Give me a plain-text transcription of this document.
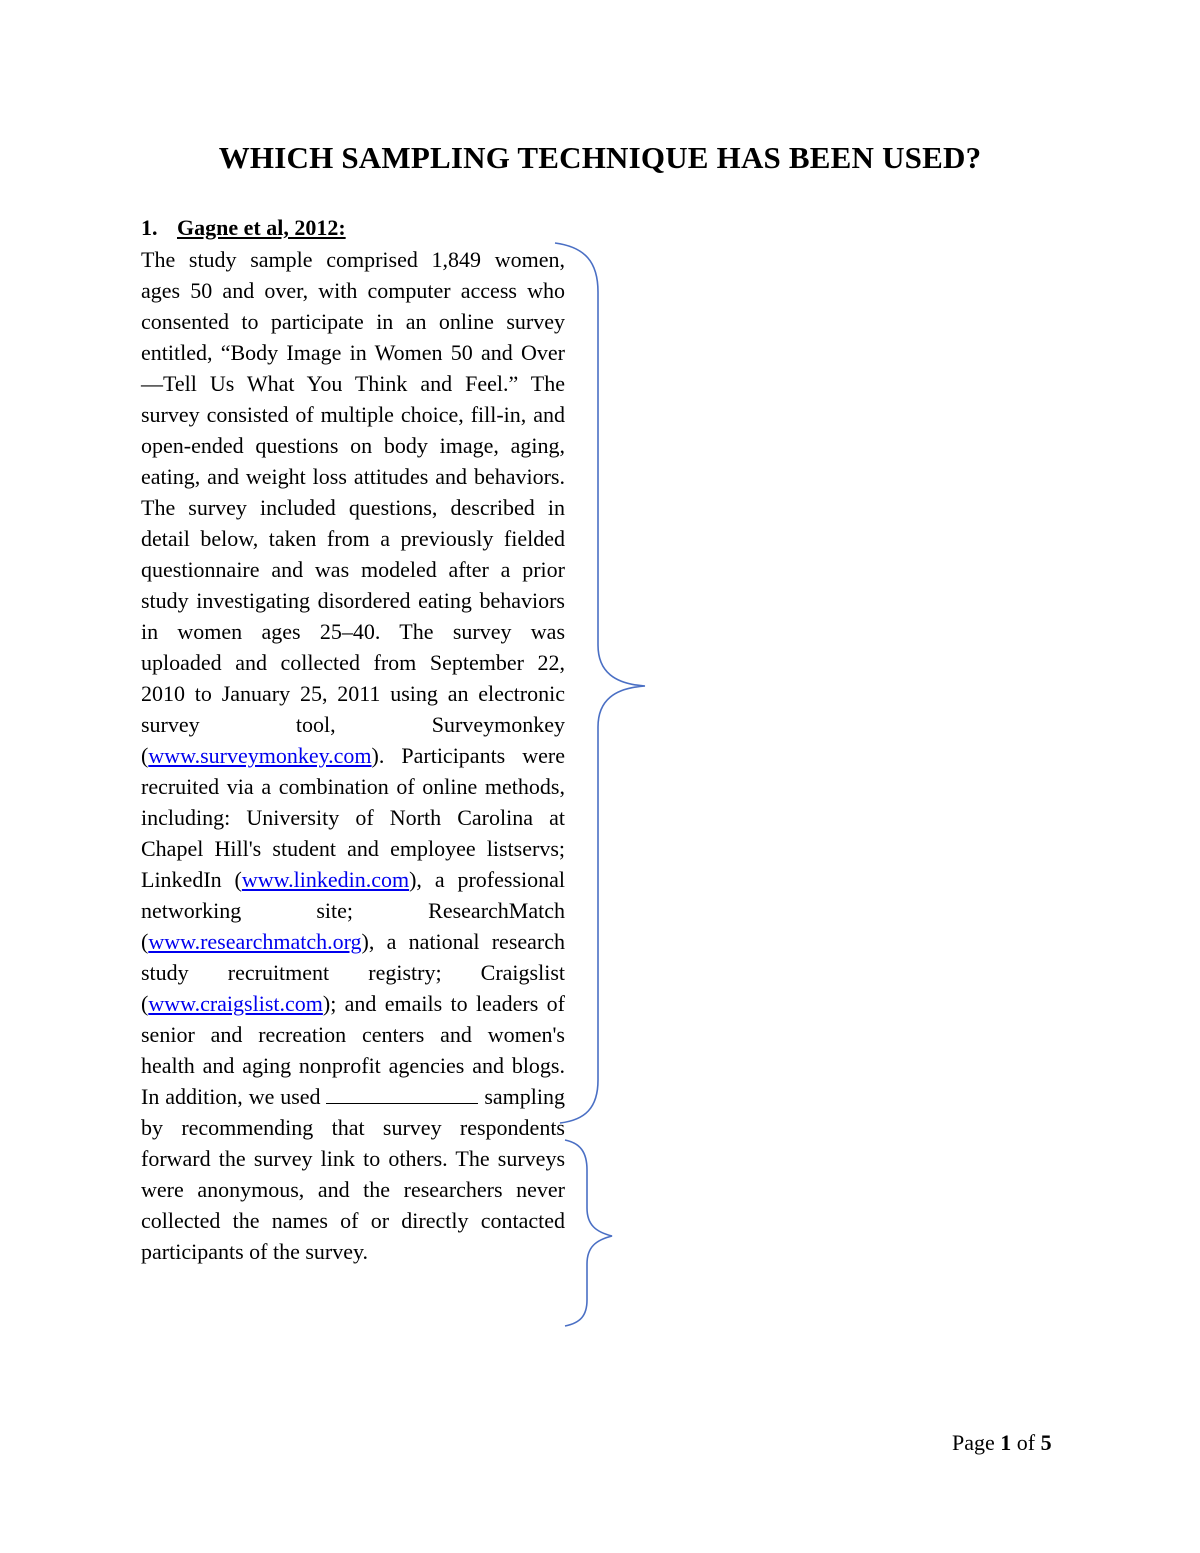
WHICH SAMPLING TECHNIQUE HAS BEEN USED?
1. Gagne et al, 2012:
The study sample comprised 1,849 women, ages 50 and over, with computer access who consented to participate in an online survey entitled, “Body Image in Women 50 and Over—Tell Us What You Think and Feel.” The survey consisted of multiple choice, fill-in, and open-ended questions on body image, aging, eating, and weight loss attitudes and behaviors. The survey included questions, described in detail below, taken from a previously fielded questionnaire and was modeled after a prior study investigating disordered eating behaviors in women ages 25–40. The survey was uploaded and collected from September 22, 2010 to January 25, 2011 using an electronic survey tool, Surveymonkey (www.surveymonkey.com). Participants were recruited via a combination of online methods, including: University of North Carolina at Chapel Hill's student and employee listservs; LinkedIn (www.linkedin.com), a professional networking site; ResearchMatch (www.researchmatch.org), a national research study recruitment registry; Craigslist (www.craigslist.com); and emails to leaders of senior and recreation centers and women's health and aging nonprofit agencies and blogs. In addition, we used	sampling by recommending that survey respondents forward the survey link to others. The surveys were anonymous, and the researchers never collected the names of or directly contacted participants of the survey.
Page 1 of 5
